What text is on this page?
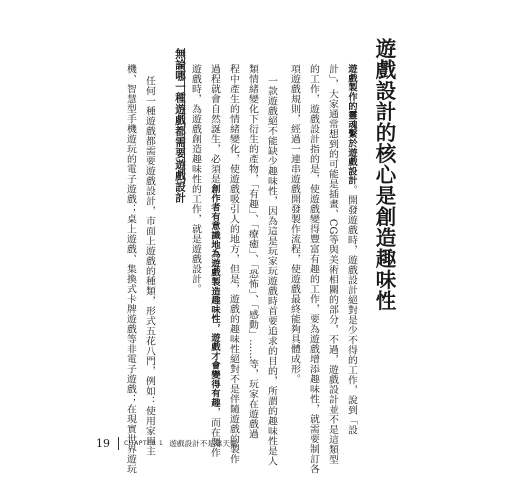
遊戲設計的核心是創造趣味性
遊戲製作的靈魂繫於遊戲設計。開發遊戲時，遊戲設計絕對是少不得的工作，說到「設
計」，大家通常想到的可能是插畫、CG等與美術相關的部分，不過，遊戲設計並不是這類型
的工作，遊戲設計指的是，使遊戲變得豐富有趣的工作，要為遊戲增添趣味性，就需要制訂各
項遊戲規則，經過一連串遊戲開發製作流程，使遊戲最終能夠具體成形。
一款遊戲絕不能缺少趣味性，因為這是玩家玩遊戲時首要追求的目的，所謂的趣味性是人
類情緒變化下衍生的產物，「有趣」、「療癒」、「恐怖」、「感動」……等，玩家在遊戲過
程中產生的情緒變化，使遊戲吸引人的地方，但是，遊戲的趣味性絕對不是伴隨遊戲的製作
過程就會自然誕生，必須是創作者有意識地為遊戲製造趣味性，遊戲才會變得有趣，而在製作
遊戲時，為遊戲創造趣味性的工作，就是遊戲設計。
無論哪一種遊戲都需要遊戲設計
任何一種遊戲都需要遊戲設計，市面上遊戲的種類，形式五花八門，例如：使用家用主
機、智慧型手機遊玩的電子遊戲；桌上遊戲、集換式卡牌遊戲等非電子遊戲；在現實世界遊玩
19	CHAPTER 1 遊戲設計不是靠天賦
